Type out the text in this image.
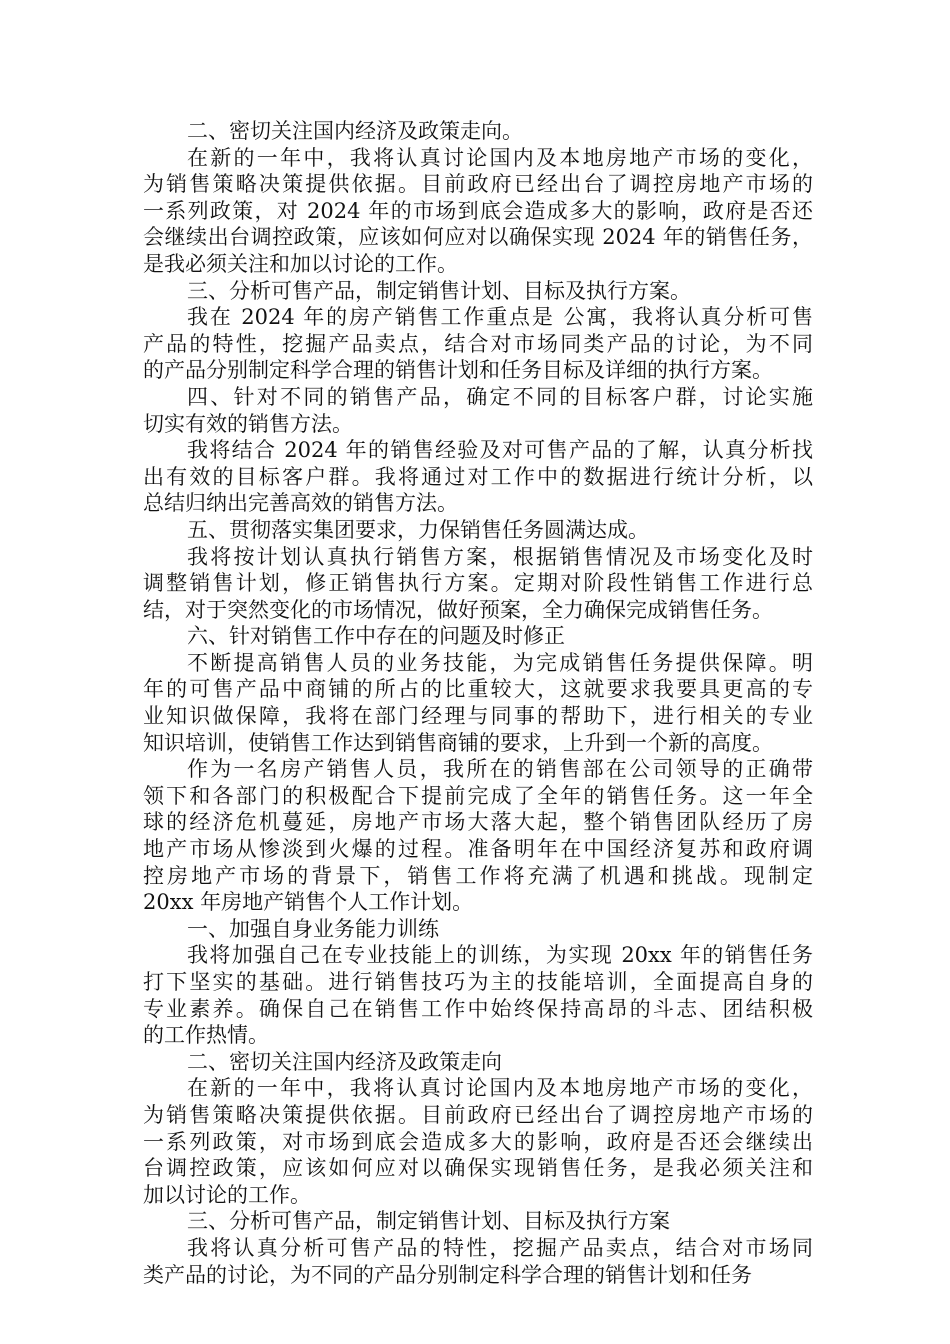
二、密切关注国内经济及政策走向。
在新的一年中，我将认真讨论国内及本地房地产市场的变化，
为销售策略决策提供依据。目前政府已经出台了调控房地产市场的
一系列政策，对 2024 年的市场到底会造成多大的影响，政府是否还
会继续出台调控政策，应该如何应对以确保实现 2024 年的销售任务，
是我必须关注和加以讨论的工作。
三、分析可售产品，制定销售计划、目标及执行方案。
我在 2024 年的房产销售工作重点是 公寓，我将认真分析可售
产品的特性，挖掘产品卖点，结合对市场同类产品的讨论，为不同
的产品分别制定科学合理的销售计划和任务目标及详细的执行方案。
四、针对不同的销售产品，确定不同的目标客户群，讨论实施
切实有效的销售方法。
我将结合 2024 年的销售经验及对可售产品的了解，认真分析找
出有效的目标客户群。我将通过对工作中的数据进行统计分析，以
总结归纳出完善高效的销售方法。
五、贯彻落实集团要求，力保销售任务圆满达成。
我将按计划认真执行销售方案，根据销售情况及市场变化及时
调整销售计划，修正销售执行方案。定期对阶段性销售工作进行总
结，对于突然变化的市场情况，做好预案，全力确保完成销售任务。
六、针对销售工作中存在的问题及时修正
不断提高销售人员的业务技能，为完成销售任务提供保障。明
年的可售产品中商铺的所占的比重较大，这就要求我要具更高的专
业知识做保障，我将在部门经理与同事的帮助下，进行相关的专业
知识培训，使销售工作达到销售商铺的要求，上升到一个新的高度。
作为一名房产销售人员，我所在的销售部在公司领导的正确带
领下和各部门的积极配合下提前完成了全年的销售任务。这一年全
球的经济危机蔓延，房地产市场大落大起，整个销售团队经历了房
地产市场从惨淡到火爆的过程。准备明年在中国经济复苏和政府调
控房地产市场的背景下，销售工作将充满了机遇和挑战。现制定
20xx 年房地产销售个人工作计划。
一、加强自身业务能力训练
我将加强自己在专业技能上的训练，为实现 20xx 年的销售任务
打下坚实的基础。进行销售技巧为主的技能培训，全面提高自身的
专业素养。确保自己在销售工作中始终保持高昂的斗志、团结积极
的工作热情。
二、密切关注国内经济及政策走向
在新的一年中，我将认真讨论国内及本地房地产市场的变化，
为销售策略决策提供依据。目前政府已经出台了调控房地产市场的
一系列政策，对市场到底会造成多大的影响，政府是否还会继续出
台调控政策，应该如何应对以确保实现销售任务，是我必须关注和
加以讨论的工作。
三、分析可售产品，制定销售计划、目标及执行方案
我将认真分析可售产品的特性，挖掘产品卖点，结合对市场同
类产品的讨论，为不同的产品分别制定科学合理的销售计划和任务
